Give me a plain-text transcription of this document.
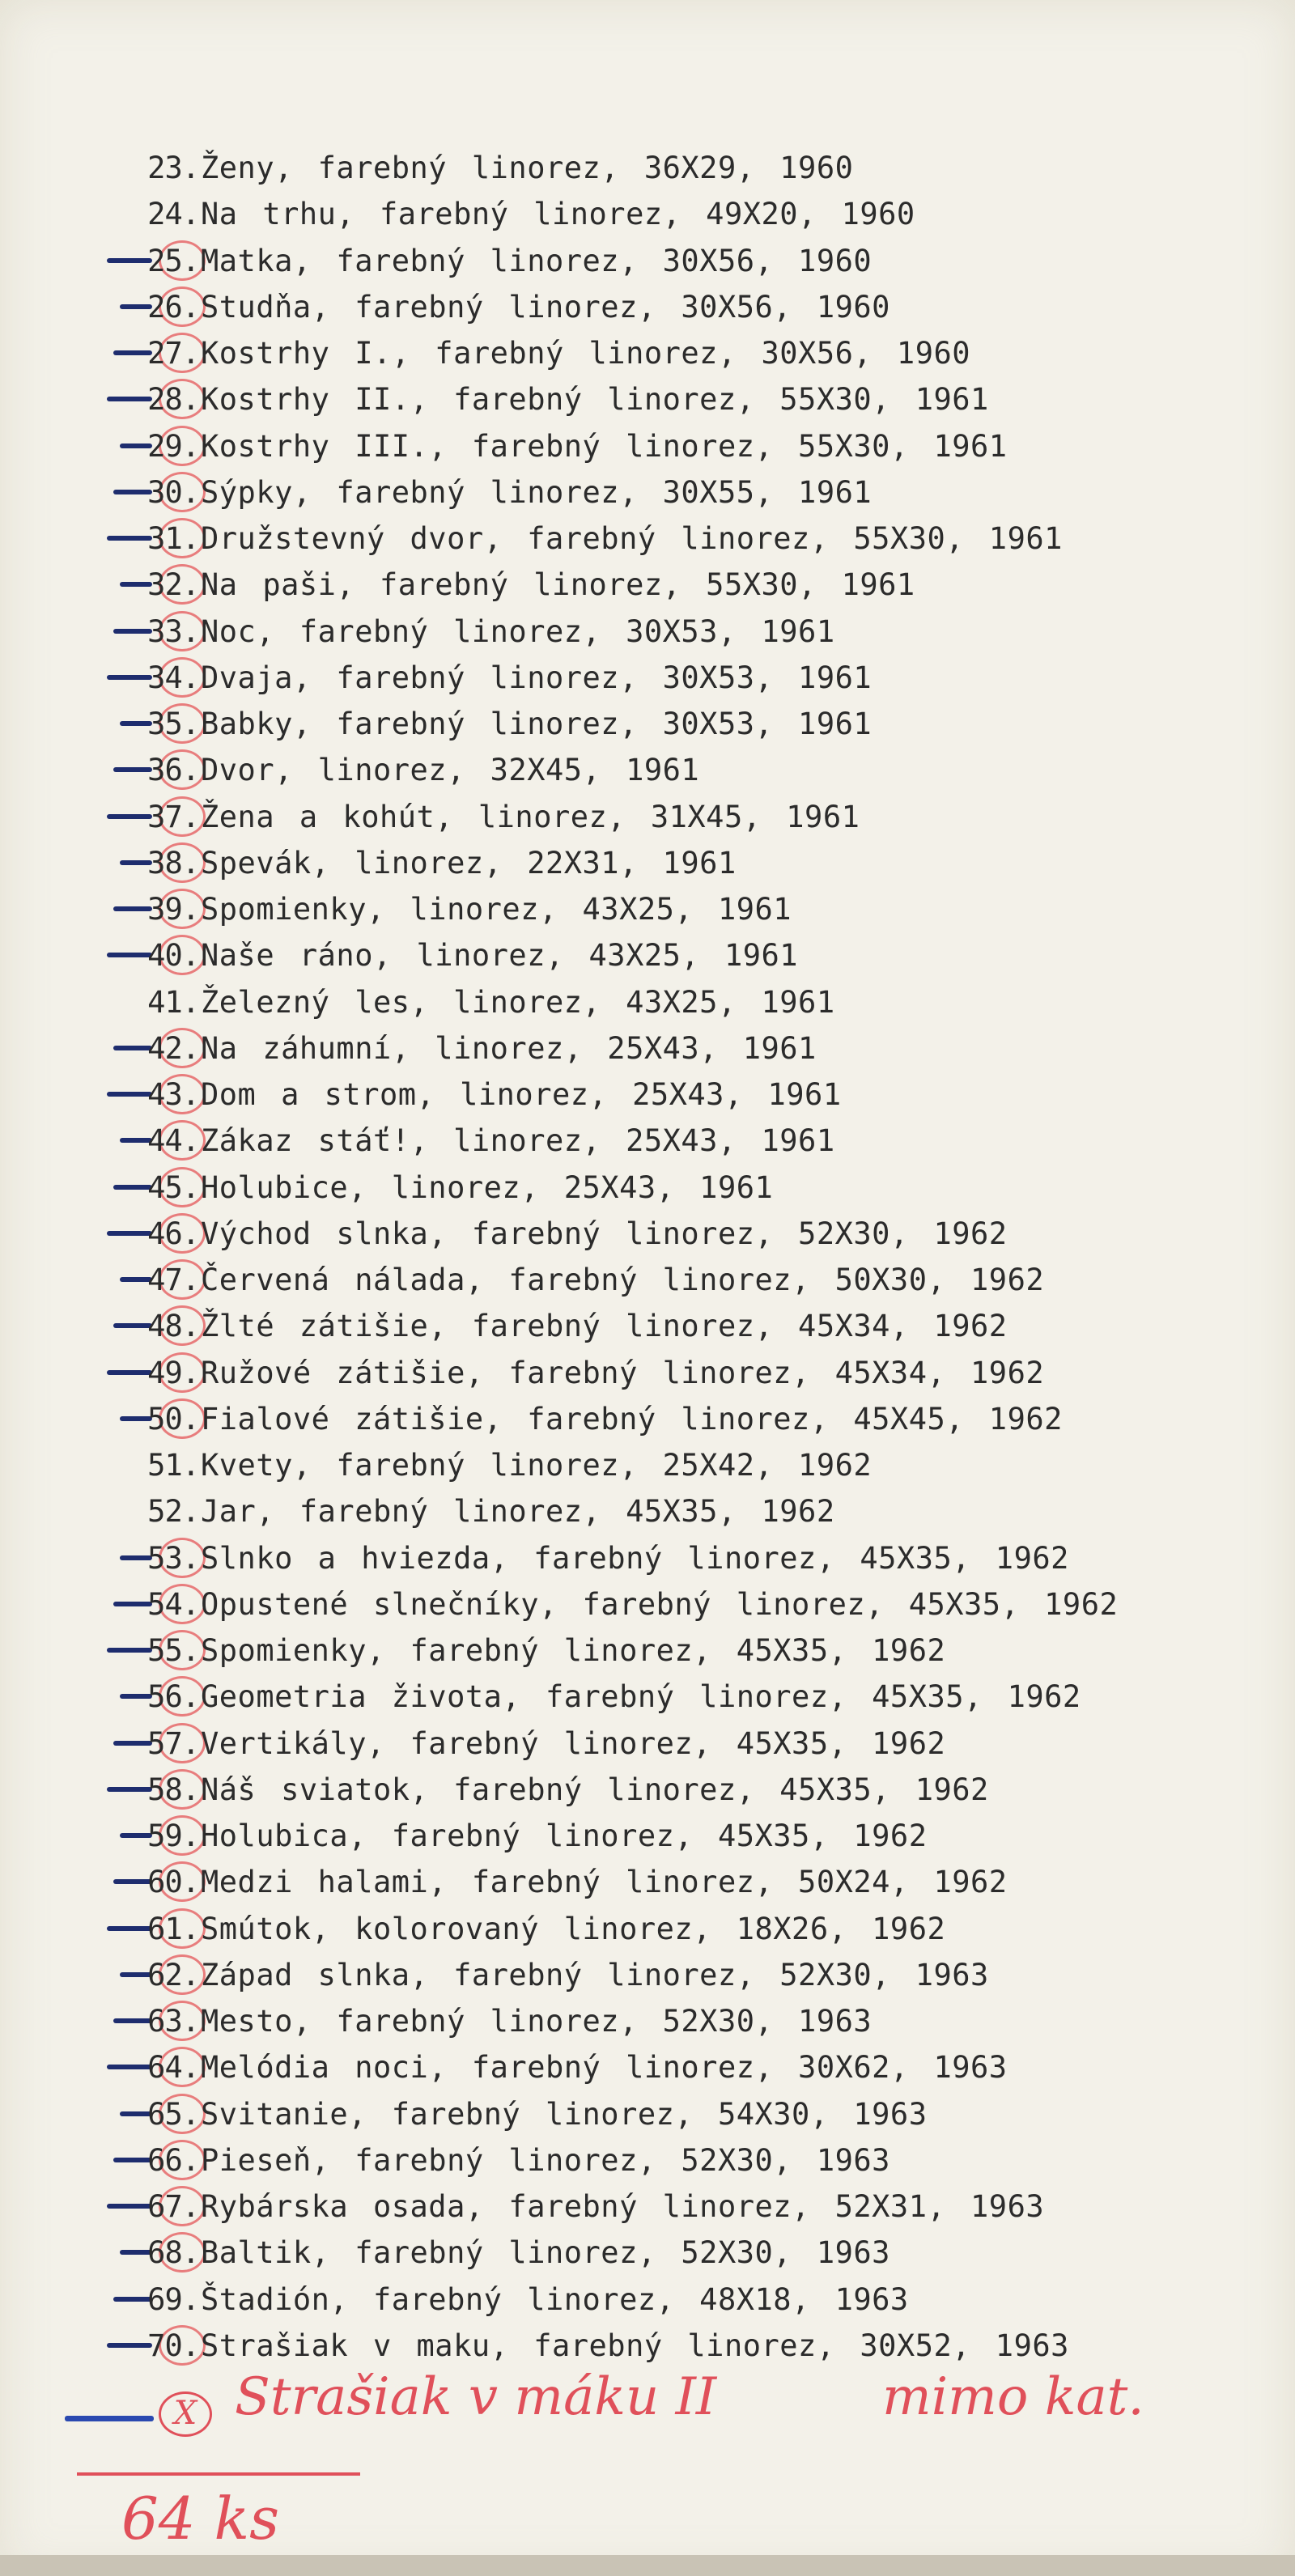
23. Ženy, farebný linorez, 36X29, 1960
24. Na trhu, farebný linorez, 49X20, 1960
25. Matka, farebný linorez, 30X56, 1960
26. Studňa, farebný linorez, 30X56, 1960
27. Kostrhy I., farebný linorez, 30X56, 1960
28. Kostrhy II., farebný linorez, 55X30, 1961
29. Kostrhy III., farebný linorez, 55X30, 1961
30. Sýpky, farebný linorez, 30X55, 1961
31. Družstevný dvor, farebný linorez, 55X30, 1961
32. Na paši, farebný linorez, 55X30, 1961
33. Noc, farebný linorez, 30X53, 1961
34. Dvaja, farebný linorez, 30X53, 1961
35. Babky, farebný linorez, 30X53, 1961
36. Dvor, linorez, 32X45, 1961
37. Žena a kohút, linorez, 31X45, 1961
38. Spevák, linorez, 22X31, 1961
39. Spomienky, linorez, 43X25, 1961
40. Naše ráno, linorez, 43X25, 1961
41. Železný les, linorez, 43X25, 1961
42. Na záhumní, linorez, 25X43, 1961
43. Dom a strom, linorez, 25X43, 1961
44. Zákaz stáť!, linorez, 25X43, 1961
45. Holubice, linorez, 25X43, 1961
46. Východ slnka, farebný linorez, 52X30, 1962
47. Červená nálada, farebný linorez, 50X30, 1962
48. Žlté zátišie, farebný linorez, 45X34, 1962
49. Ružové zátišie, farebný linorez, 45X34, 1962
50. Fialové zátišie, farebný linorez, 45X45, 1962
51. Kvety, farebný linorez, 25X42, 1962
52. Jar, farebný linorez, 45X35, 1962
53. Slnko a hviezda, farebný linorez, 45X35, 1962
54. Opustené slnečníky, farebný linorez, 45X35, 1962
55. Spomienky, farebný linorez, 45X35, 1962
56. Geometria života, farebný linorez, 45X35, 1962
57. Vertikály, farebný linorez, 45X35, 1962
58. Náš sviatok, farebný linorez, 45X35, 1962
59. Holubica, farebný linorez, 45X35, 1962
60. Medzi halami, farebný linorez, 50X24, 1962
61. Smútok, kolorovaný linorez, 18X26, 1962
62. Západ slnka, farebný linorez, 52X30, 1963
63. Mesto, farebný linorez, 52X30, 1963
64. Melódia noci, farebný linorez, 30X62, 1963
65. Svitanie, farebný linorez, 54X30, 1963
66. Pieseň, farebný linorez, 52X30, 1963
67. Rybárska osada, farebný linorez, 52X31, 1963
68. Baltik, farebný linorez, 52X30, 1963
69. Štadión, farebný linorez, 48X18, 1963
70. Strašiak v maku, farebný linorez, 30X52, 1963
X Strašiak v máku II	mimo kat.
64 ks
